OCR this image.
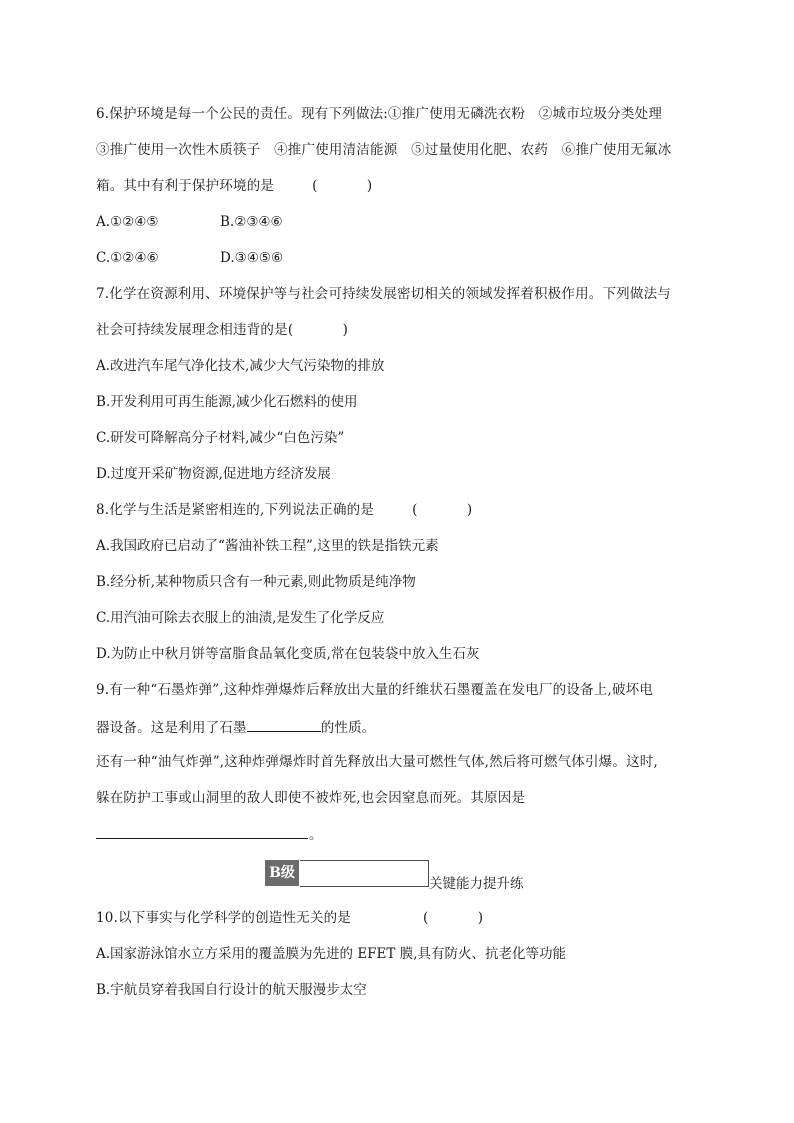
6.保护环境是每一个公民的责任。现有下列做法:①推广使用无磷洗衣粉　②城市垃圾分类处理
③推广使用一次性木质筷子　④推广使用清洁能源　⑤过量使用化肥、农药　⑥推广使用无氟冰
箱。其中有利于保护环境的是	(　)
A.①②④⑤	B.②③④⑥
C.①②④⑥	D.③④⑤⑥
7.化学在资源利用、环境保护等与社会可持续发展密切相关的领域发挥着积极作用。下列做法与
社会可持续发展理念相违背的是(　)
A.改进汽车尾气净化技术,减少大气污染物的排放
B.开发利用可再生能源,减少化石燃料的使用
C.研发可降解高分子材料,减少“白色污染”
D.过度开采矿物资源,促进地方经济发展
8.化学与生活是紧密相连的,下列说法正确的是	(　)
A.我国政府已启动了“酱油补铁工程”,这里的铁是指铁元素
B.经分析,某种物质只含有一种元素,则此物质是纯净物
C.用汽油可除去衣服上的油渍,是发生了化学反应
D.为防止中秋月饼等富脂食品氧化变质,常在包装袋中放入生石灰
9.有一种“石墨炸弹”,这种炸弹爆炸后释放出大量的纤维状石墨覆盖在发电厂的设备上,破坏电
器设备。这是利用了石墨	的性质。
还有一种“油气炸弹”,这种炸弹爆炸时首先释放出大量可燃性气体,然后将可燃气体引爆。这时,
躲在防护工事或山洞里的敌人即使不被炸死,也会因窒息而死。其原因是
。
B级
关键能力提升练
10.以下事实与化学科学的创造性无关的是	(　)
A.国家游泳馆水立方采用的覆盖膜为先进的 EFET 膜,具有防火、抗老化等功能
B.宇航员穿着我国自行设计的航天服漫步太空
